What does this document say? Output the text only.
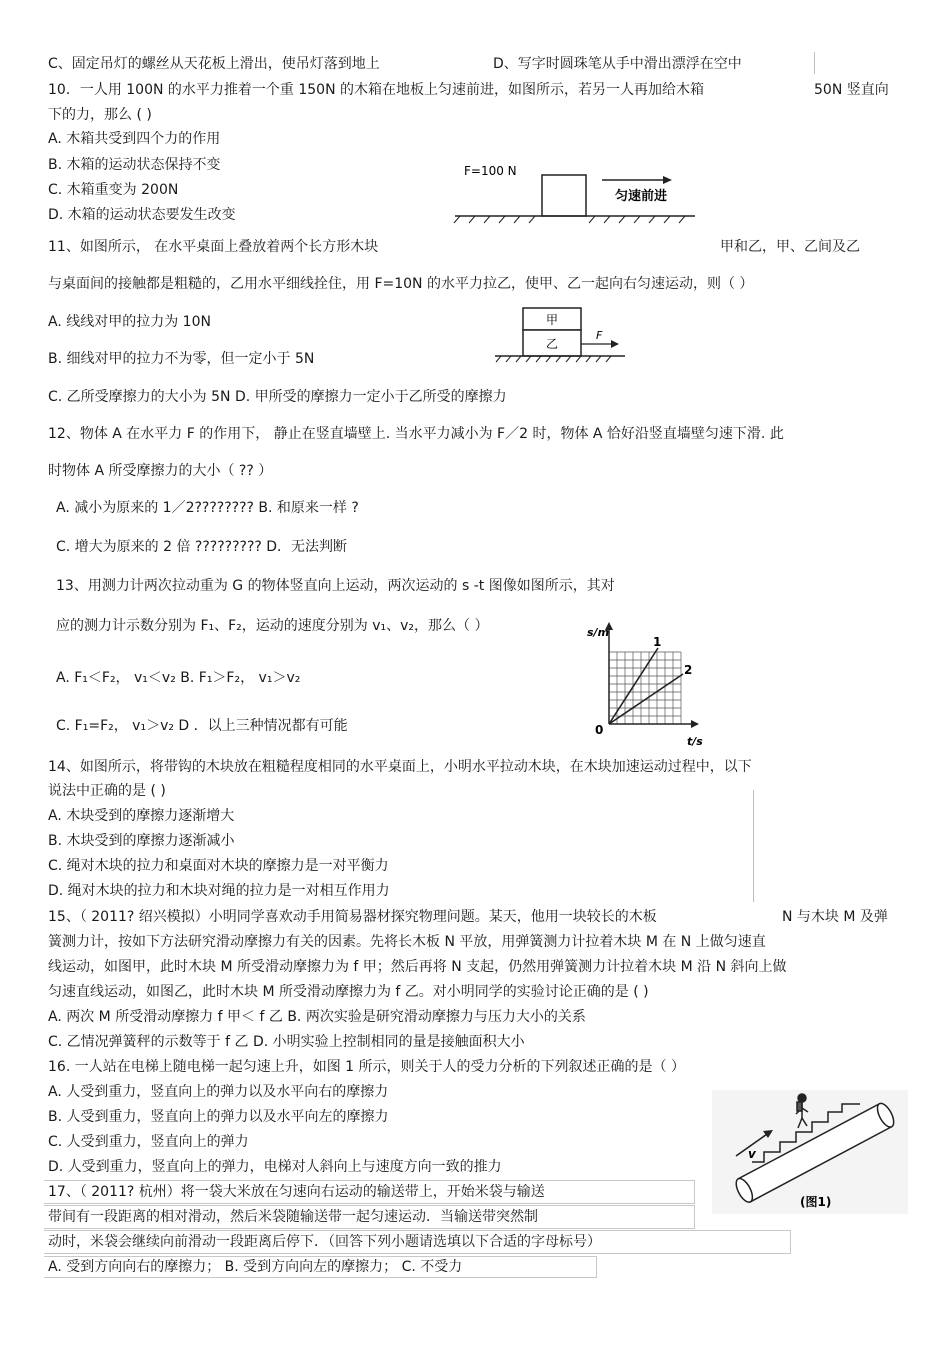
C、固定吊灯的螺丝从天花板上滑出，使吊灯落到地上	D、写字时圆珠笔从手中滑出漂浮在空中
10．一人用 100N 的水平力推着一个重 150N 的木箱在地板上匀速前进，如图所示，若另一人再加给木箱	50N 竖直向
下的力，那么 ( )
A. 木箱共受到四个力的作用
B. 木箱的运动状态保持不变
C. 木箱重变为 200N
D. 木箱的运动状态要发生改变
11、如图所示， 在水平桌面上叠放着两个长方形木块	甲和乙，甲、乙间及乙
与桌面间的接触都是粗糙的，乙用水平细线拴住，用 F=10N 的水平力拉乙，使甲、乙一起向右匀速运动，则（ ）
A. 线线对甲的拉力为 10N
B. 细线对甲的拉力不为零，但一定小于 5N
C. 乙所受摩擦力的大小为 5N D. 甲所受的摩擦力一定小于乙所受的摩擦力
12、物体 A 在水平力 F 的作用下， 静止在竖直墙壁上. 当水平力减小为 F／2 时，物体 A 恰好沿竖直墙壁匀速下滑. 此
时物体 A 所受摩擦力的大小（ ?? ）
A. 减小为原来的 1／2???????? B. 和原来一样 ?
C. 增大为原来的 2 倍 ????????? D．无法判断
13、用测力计两次拉动重为 G 的物体竖直向上运动，两次运动的 s -t 图像如图所示，其对
应的测力计示数分别为 F₁、F₂，运动的速度分别为 v₁、v₂，那么（ ）
A. F₁＜F₂， v₁＜v₂ B. F₁＞F₂， v₁＞v₂
C. F₁=F₂， v₁＞v₂ D ．以上三种情况都有可能
14、如图所示，将带钩的木块放在粗糙程度相同的水平桌面上，小明水平拉动木块，在木块加速运动过程中，以下
说法中正确的是 ( )
A. 木块受到的摩擦力逐渐增大
B. 木块受到的摩擦力逐渐减小
C. 绳对木块的拉力和桌面对木块的摩擦力是一对平衡力
D. 绳对木块的拉力和木块对绳的拉力是一对相互作用力
15、（ 2011? 绍兴模拟）小明同学喜欢动手用简易器材探究物理问题。某天，他用一块较长的木板	N 与木块 M 及弹
簧测力计，按如下方法研究滑动摩擦力有关的因素。先将长木板 N 平放，用弹簧测力计拉着木块 M 在 N 上做匀速直
线运动，如图甲，此时木块 M 所受滑动摩擦力为 f 甲；然后再将 N 支起，仍然用弹簧测力计拉着木块 M 沿 N 斜向上做
匀速直线运动，如图乙，此时木块 M 所受滑动摩擦力为 f 乙。对小明同学的实验讨论正确的是 ( )
A. 两次 M 所受滑动摩擦力 f 甲＜ f 乙 B. 两次实验是研究滑动摩擦力与压力大小的关系
C. 乙情况弹簧秤的示数等于 f 乙 D. 小明实验上控制相同的量是接触面积大小
16. 一人站在电梯上随电梯一起匀速上升，如图 1 所示，则关于人的受力分析的下列叙述正确的是（ ）
A. 人受到重力，竖直向上的弹力以及水平向右的摩擦力
B. 人受到重力，竖直向上的弹力以及水平向左的摩擦力
C. 人受到重力，竖直向上的弹力
D. 人受到重力，竖直向上的弹力，电梯对人斜向上与速度方向一致的推力
17、（ 2011? 杭州）将一袋大米放在匀速向右运动的输送带上，开始米袋与输送
带间有一段距离的相对滑动，然后米袋随输送带一起匀速运动．当输送带突然制
动时，米袋会继续向前滑动一段距离后停下．（回答下列小题请选填以下合适的字母标号）
A. 受到方向向右的摩擦力； B. 受到方向向左的摩擦力； C. 不受力
F=100 N
匀速前进
甲
乙
F
s/m
t/s
0
1
2
v
(图1)
